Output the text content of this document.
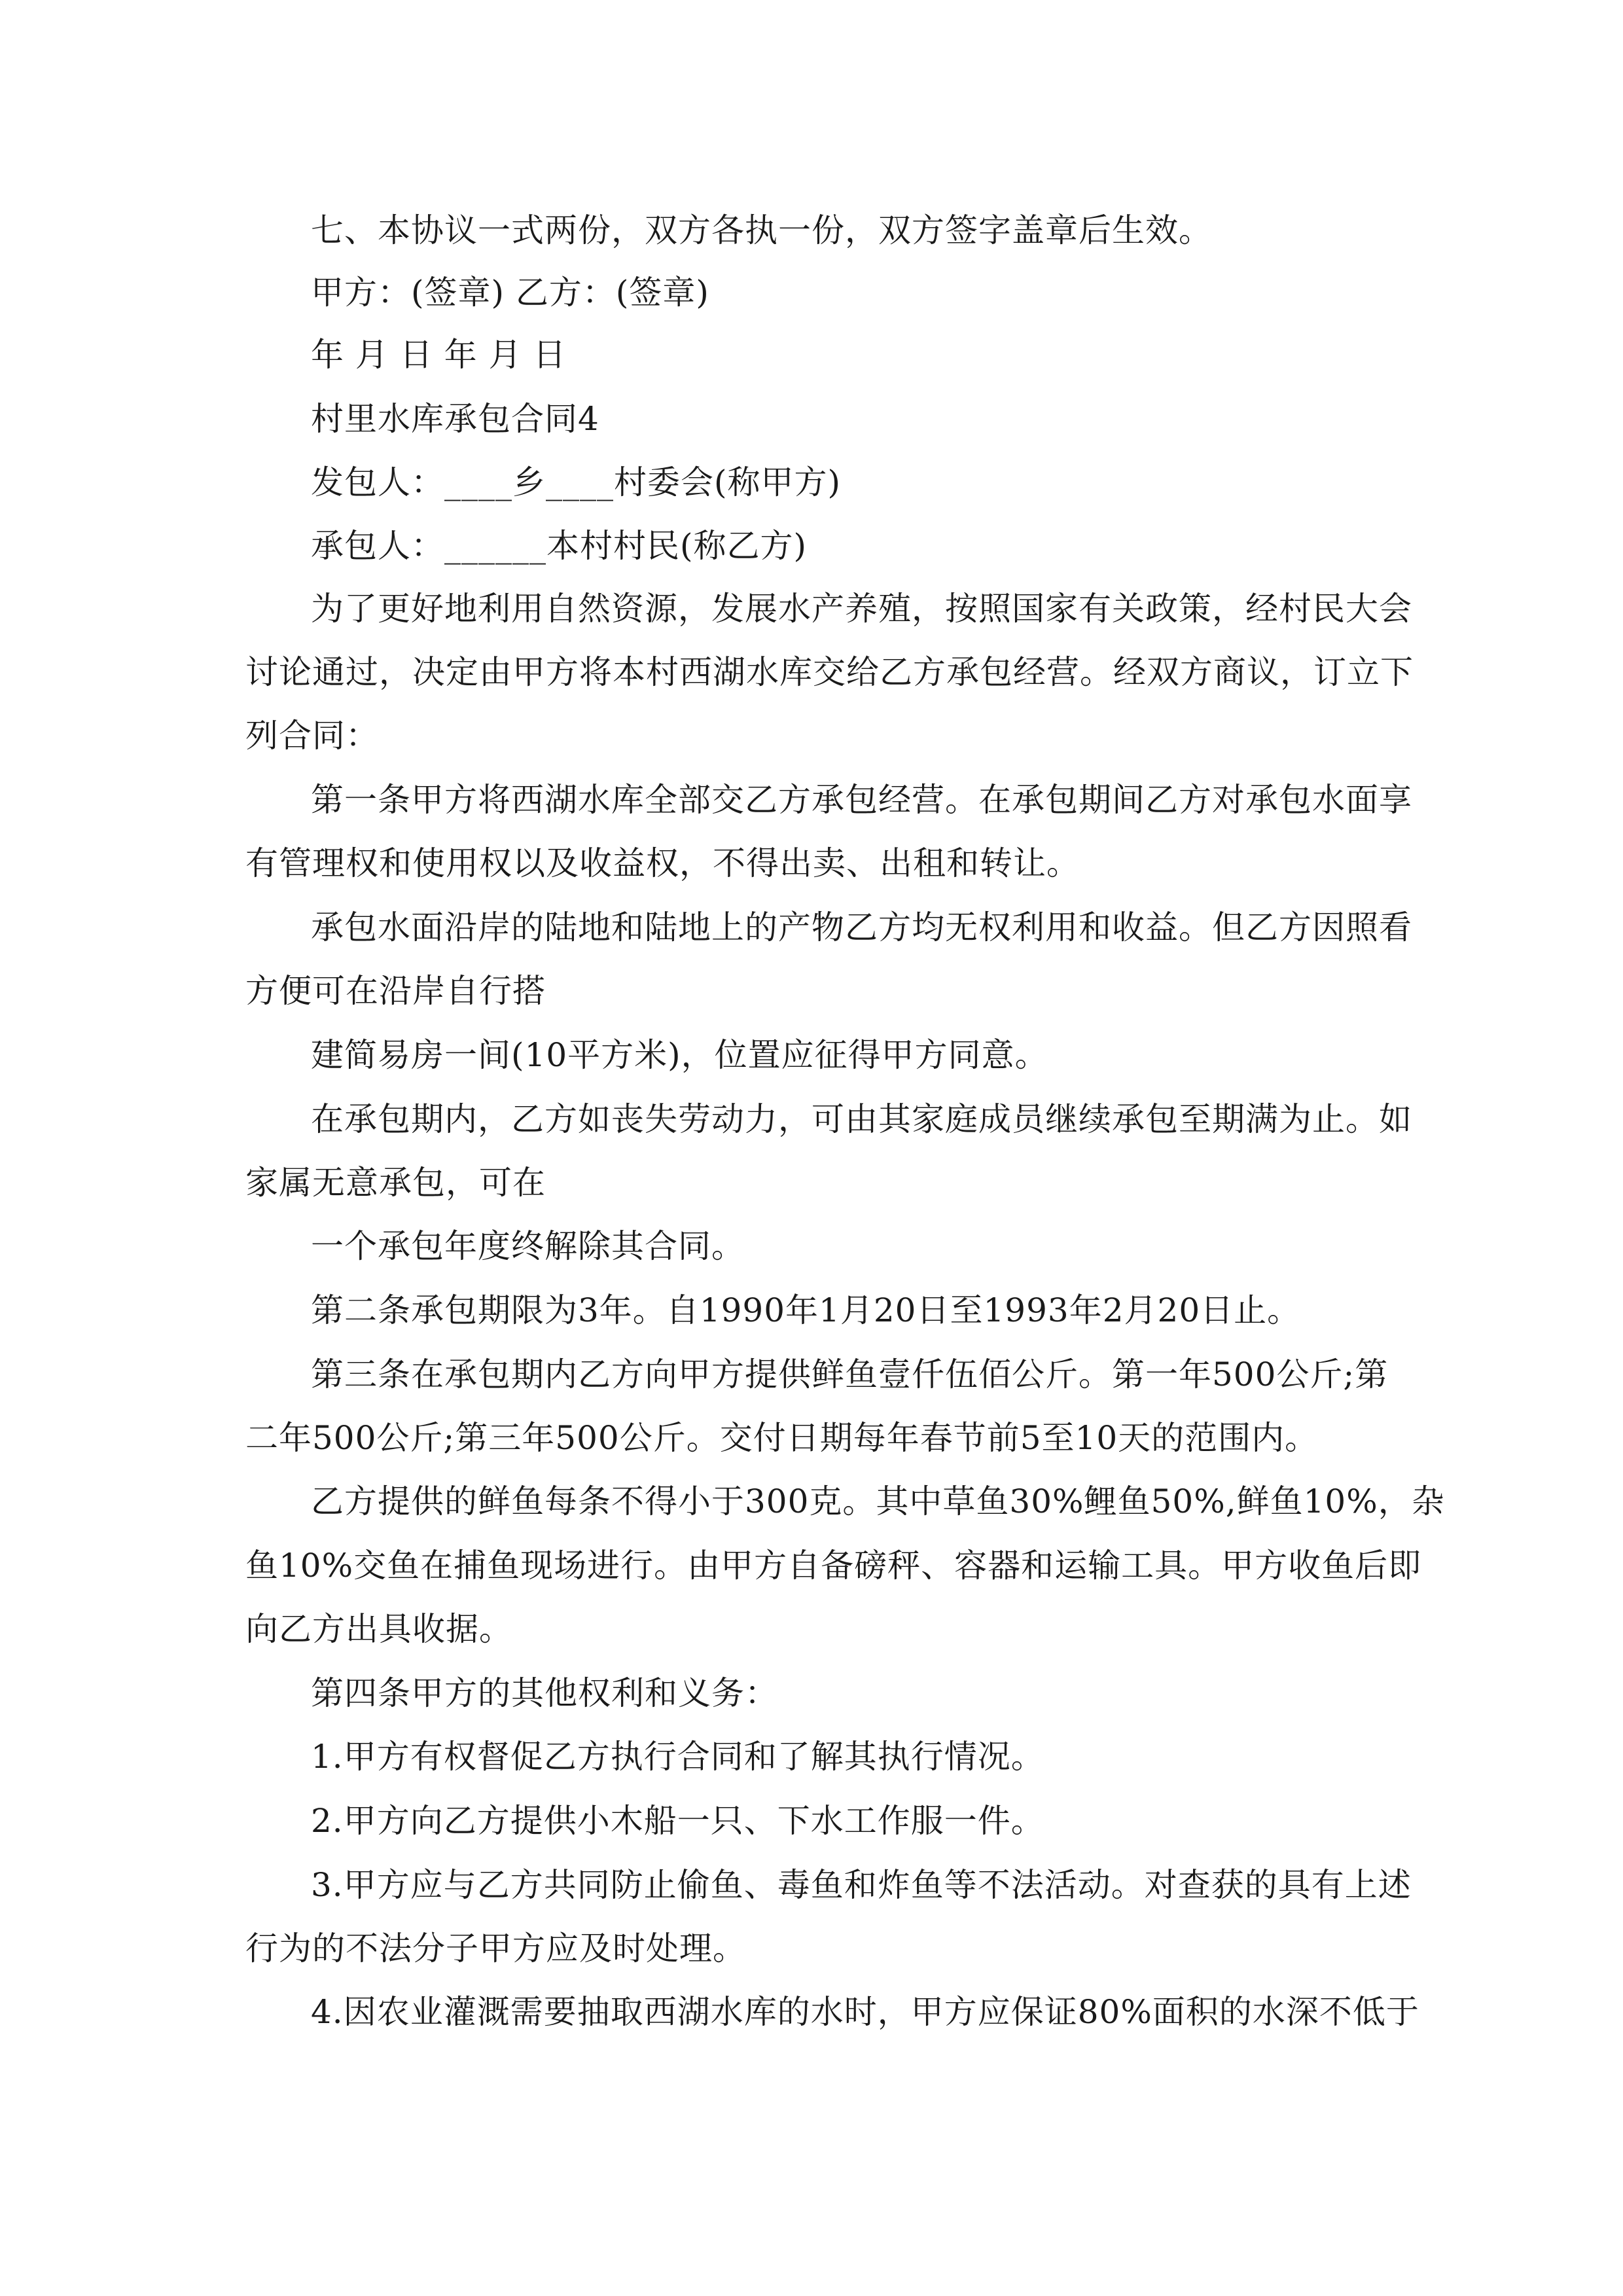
七、本协议一式两份，双方各执一份，双方签字盖章后生效。
甲方：(签章) 乙方：(签章)
年 月 日 年 月 日
村里水库承包合同4
发包人：____乡____村委会(称甲方)
承包人：______本村村民(称乙方)
为了更好地利用自然资源，发展水产养殖，按照国家有关政策，经村民大会
讨论通过，决定由甲方将本村西湖水库交给乙方承包经营。经双方商议，订立下
列合同：
第一条甲方将西湖水库全部交乙方承包经营。在承包期间乙方对承包水面享
有管理权和使用权以及收益权，不得出卖、出租和转让。
承包水面沿岸的陆地和陆地上的产物乙方均无权利用和收益。但乙方因照看
方便可在沿岸自行搭
建简易房一间(10平方米)，位置应征得甲方同意。
在承包期内，乙方如丧失劳动力，可由其家庭成员继续承包至期满为止。如
家属无意承包，可在
一个承包年度终解除其合同。
第二条承包期限为3年。自1990年1月20日至1993年2月20日止。
第三条在承包期内乙方向甲方提供鲜鱼壹仟伍佰公斤。第一年500公斤;第
二年500公斤;第三年500公斤。交付日期每年春节前5至10天的范围内。
乙方提供的鲜鱼每条不得小于300克。其中草鱼30%鲤鱼50%,鲜鱼10%，杂
鱼10%交鱼在捕鱼现场进行。由甲方自备磅秤、容器和运输工具。甲方收鱼后即
向乙方出具收据。
第四条甲方的其他权利和义务：
1.甲方有权督促乙方执行合同和了解其执行情况。
2.甲方向乙方提供小木船一只、下水工作服一件。
3.甲方应与乙方共同防止偷鱼、毒鱼和炸鱼等不法活动。对查获的具有上述
行为的不法分子甲方应及时处理。
4.因农业灌溉需要抽取西湖水库的水时，甲方应保证80%面积的水深不低于
